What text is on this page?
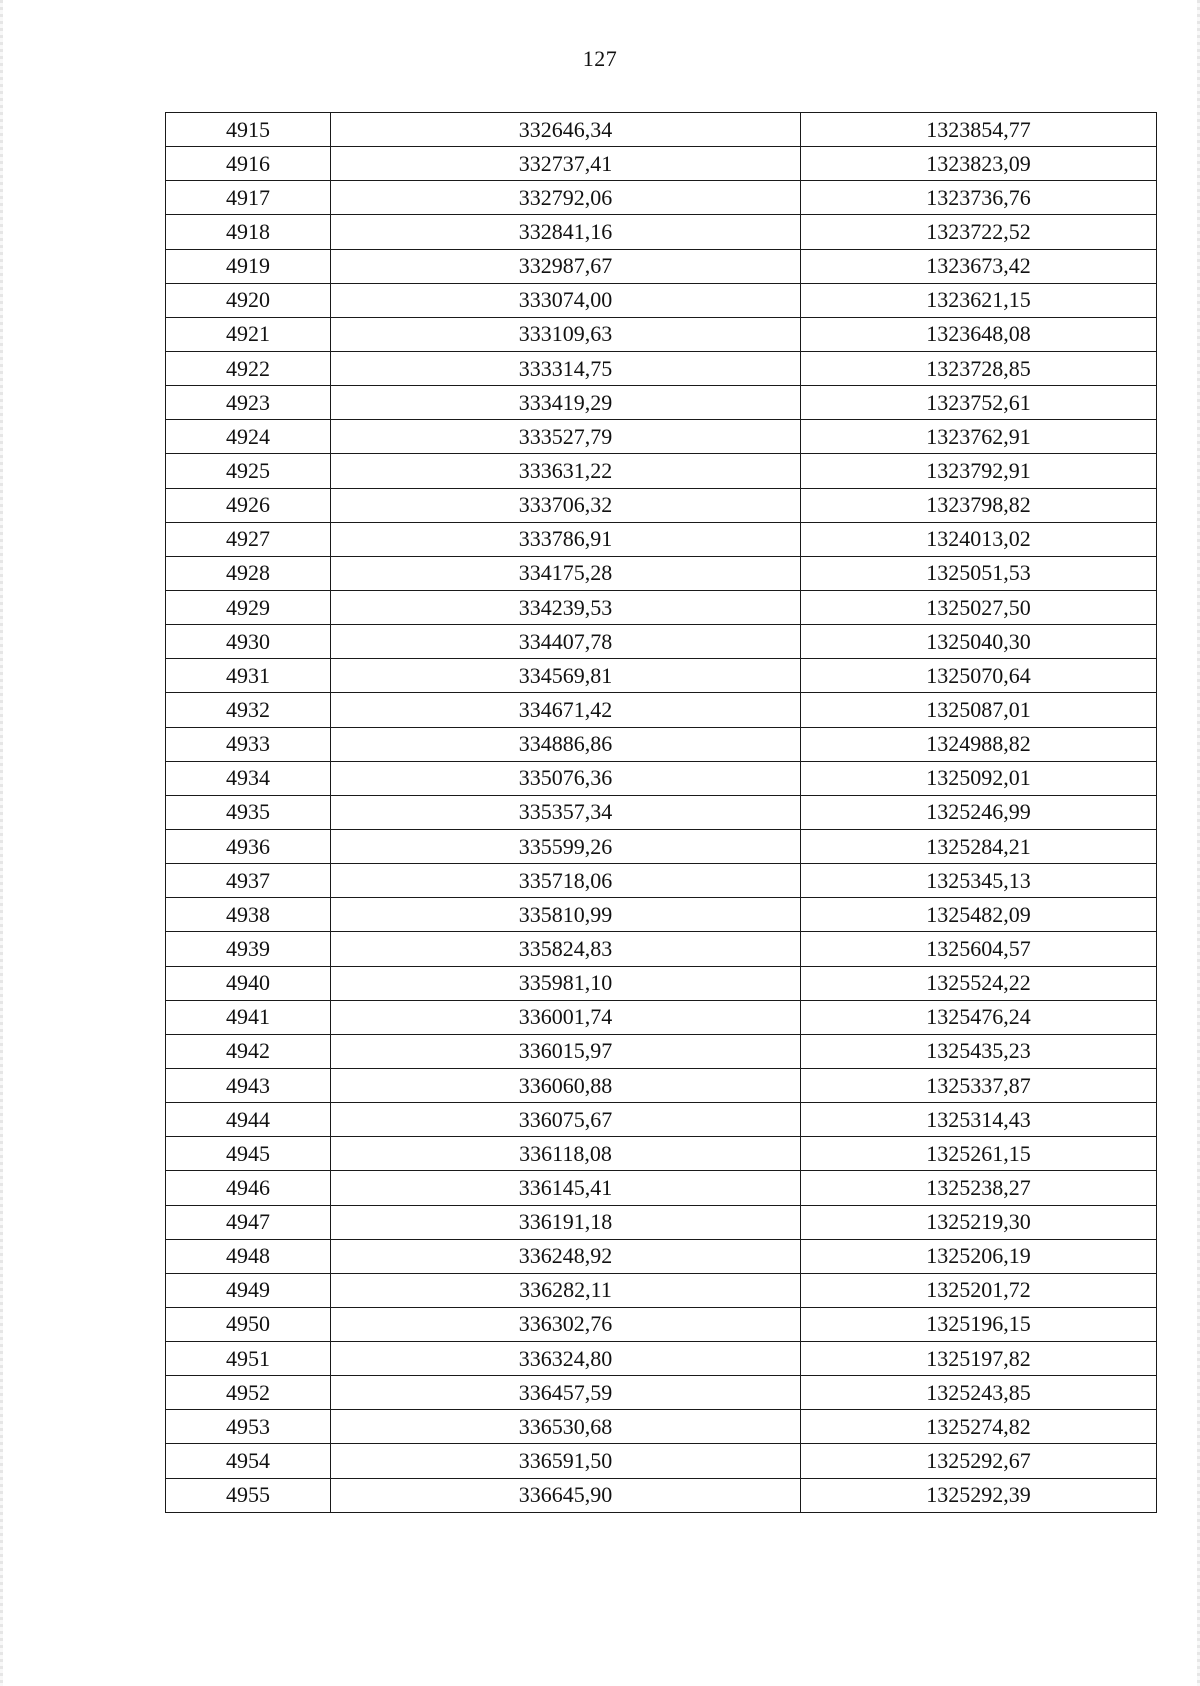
127
4915	332646,34	1323854,77
4916	332737,41	1323823,09
4917	332792,06	1323736,76
4918	332841,16	1323722,52
4919	332987,67	1323673,42
4920	333074,00	1323621,15
4921	333109,63	1323648,08
4922	333314,75	1323728,85
4923	333419,29	1323752,61
4924	333527,79	1323762,91
4925	333631,22	1323792,91
4926	333706,32	1323798,82
4927	333786,91	1324013,02
4928	334175,28	1325051,53
4929	334239,53	1325027,50
4930	334407,78	1325040,30
4931	334569,81	1325070,64
4932	334671,42	1325087,01
4933	334886,86	1324988,82
4934	335076,36	1325092,01
4935	335357,34	1325246,99
4936	335599,26	1325284,21
4937	335718,06	1325345,13
4938	335810,99	1325482,09
4939	335824,83	1325604,57
4940	335981,10	1325524,22
4941	336001,74	1325476,24
4942	336015,97	1325435,23
4943	336060,88	1325337,87
4944	336075,67	1325314,43
4945	336118,08	1325261,15
4946	336145,41	1325238,27
4947	336191,18	1325219,30
4948	336248,92	1325206,19
4949	336282,11	1325201,72
4950	336302,76	1325196,15
4951	336324,80	1325197,82
4952	336457,59	1325243,85
4953	336530,68	1325274,82
4954	336591,50	1325292,67
4955	336645,90	1325292,39
